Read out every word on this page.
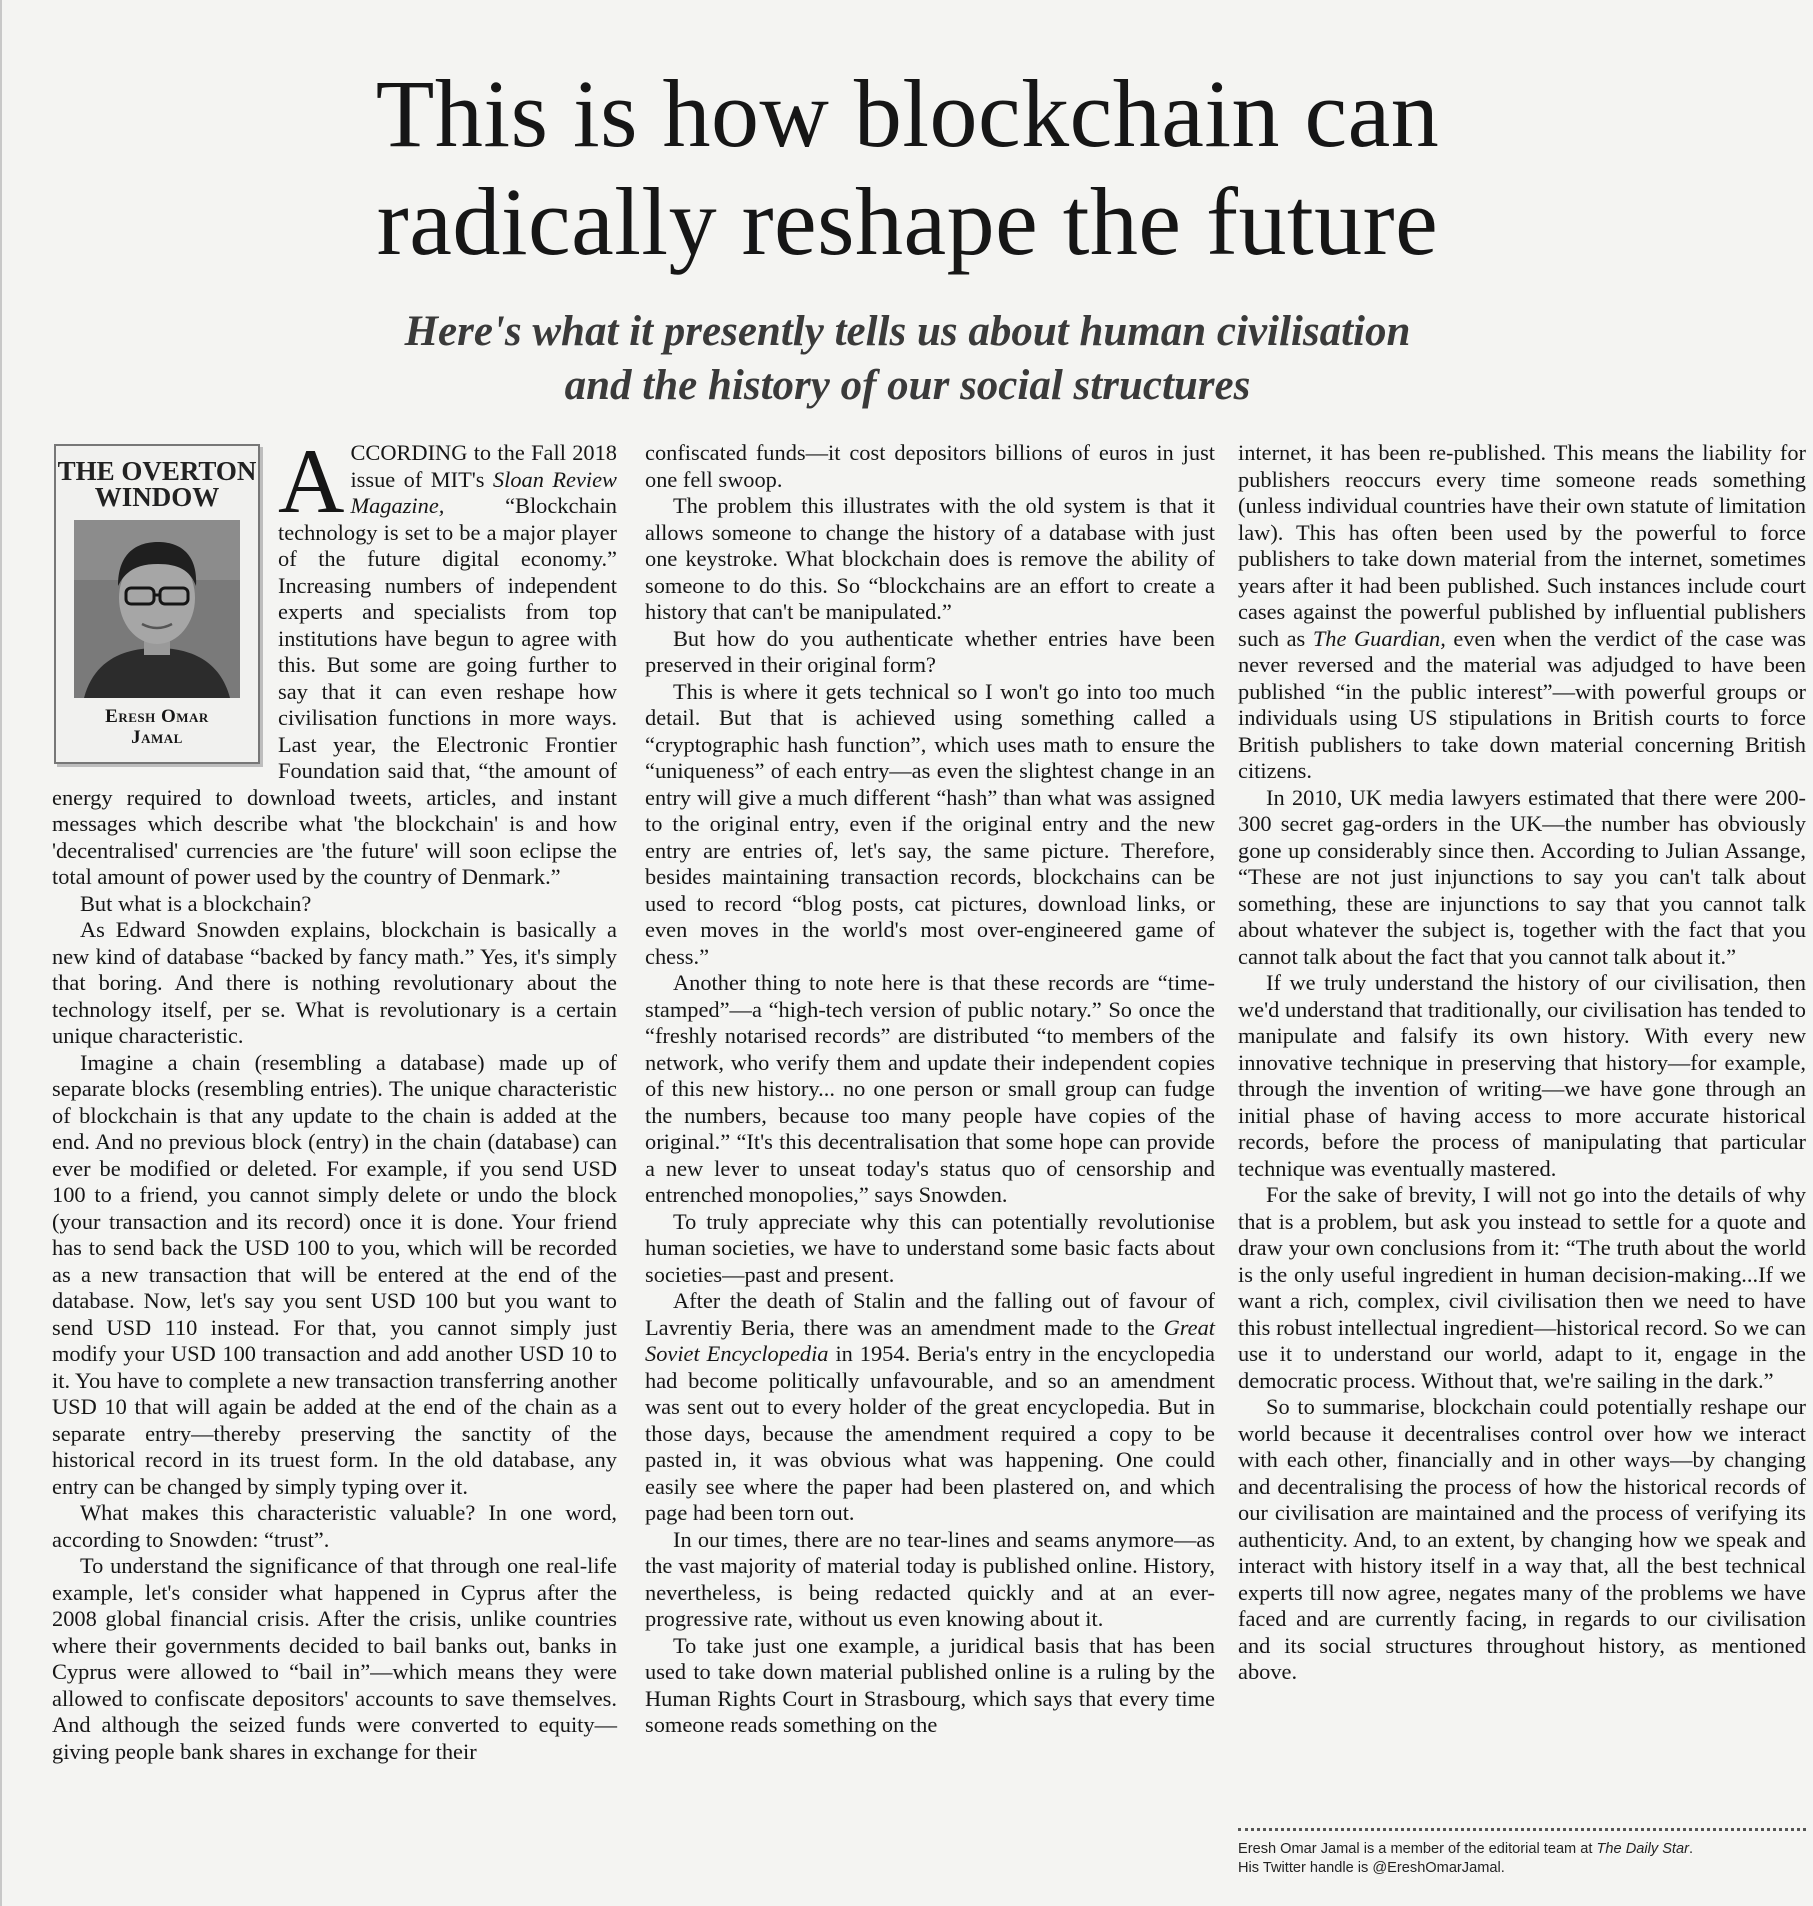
This is how blockchain can
radically reshape the future
Here's what it presently tells us about human civilisation
and the history of our social structures
THE OVERTON
WINDOW
Eresh Omar
Jamal

ACCORDING to the Fall 2018 issue of MIT's Sloan Review Magazine, “Blockchain technology is set to be a major player of the future digital economy.” Increasing numbers of independent experts and specialists from top institutions have begun to agree with this. But some are going further to say that it can even reshape how civilisation functions in more ways. Last year, the Electronic Frontier Foundation said that, “the amount of energy required to download tweets, articles, and instant messages which describe what 'the blockchain' is and how 'decentralised' currencies are 'the future' will soon eclipse the total amount of power used by the country of Denmark.”

But what is a blockchain?

As Edward Snowden explains, blockchain is basically a new kind of database “backed by fancy math.” Yes, it's simply that boring. And there is nothing revolutionary about the technology itself, per se. What is revolutionary is a certain unique characteristic.

Imagine a chain (resembling a database) made up of separate blocks (resembling entries). The unique characteristic of blockchain is that any update to the chain is added at the end. And no previous block (entry) in the chain (database) can ever be modified or deleted. For example, if you send USD 100 to a friend, you cannot simply delete or undo the block (your transaction and its record) once it is done. Your friend has to send back the USD 100 to you, which will be recorded as a new transaction that will be entered at the end of the database. Now, let's say you sent USD 100 but you want to send USD 110 instead. For that, you cannot simply just modify your USD 100 transaction and add another USD 10 to it. You have to complete a new transaction transferring another USD 10 that will again be added at the end of the chain as a separate entry—thereby preserving the sanctity of the historical record in its truest form. In the old database, any entry can be changed by simply typing over it.

What makes this characteristic valuable? In one word, according to Snowden: “trust”.

To understand the significance of that through one real-life example, let's consider what happened in Cyprus after the 2008 global financial crisis. After the crisis, unlike countries where their governments decided to bail banks out, banks in Cyprus were allowed to “bail in”—which means they were allowed to confiscate depositors' accounts to save themselves. And although the seized funds were converted to equity—giving people bank shares in exchange for their

confiscated funds—it cost depositors billions of euros in just one fell swoop.

The problem this illustrates with the old system is that it allows someone to change the history of a database with just one keystroke. What blockchain does is remove the ability of someone to do this. So “blockchains are an effort to create a history that can't be manipulated.”

But how do you authenticate whether entries have been preserved in their original form?

This is where it gets technical so I won't go into too much detail. But that is achieved using something called a “cryptographic hash function”, which uses math to ensure the “uniqueness” of each entry—as even the slightest change in an entry will give a much different “hash” than what was assigned to the original entry, even if the original entry and the new entry are entries of, let's say, the same picture. Therefore, besides maintaining transaction records, blockchains can be used to record “blog posts, cat pictures, download links, or even moves in the world's most over-engineered game of chess.”

Another thing to note here is that these records are “time-stamped”—a “high-tech version of public notary.” So once the “freshly notarised records” are distributed “to members of the network, who verify them and update their independent copies of this new history... no one person or small group can fudge the numbers, because too many people have copies of the original.” “It's this decentralisation that some hope can provide a new lever to unseat today's status quo of censorship and entrenched monopolies,” says Snowden.

To truly appreciate why this can potentially revolutionise human societies, we have to understand some basic facts about societies—past and present.

After the death of Stalin and the falling out of favour of Lavrentiy Beria, there was an amendment made to the Great Soviet Encyclopedia in 1954. Beria's entry in the encyclopedia had become politically unfavourable, and so an amendment was sent out to every holder of the great encyclopedia. But in those days, because the amendment required a copy to be pasted in, it was obvious what was happening. One could easily see where the paper had been plastered on, and which page had been torn out.

In our times, there are no tear-lines and seams anymore—as the vast majority of material today is published online. History, nevertheless, is being redacted quickly and at an ever-progressive rate, without us even knowing about it.

To take just one example, a juridical basis that has been used to take down material published online is a ruling by the Human Rights Court in Strasbourg, which says that every time someone reads something on the

internet, it has been re-published. This means the liability for publishers reoccurs every time someone reads something (unless individual countries have their own statute of limitation law). This has often been used by the powerful to force publishers to take down material from the internet, sometimes years after it had been published. Such instances include court cases against the powerful published by influential publishers such as The Guardian, even when the verdict of the case was never reversed and the material was adjudged to have been published “in the public interest”—with powerful groups or individuals using US stipulations in British courts to force British publishers to take down material concerning British citizens.

In 2010, UK media lawyers estimated that there were 200-300 secret gag-orders in the UK—the number has obviously gone up considerably since then. According to Julian Assange, “These are not just injunctions to say you can't talk about something, these are injunctions to say that you cannot talk about whatever the subject is, together with the fact that you cannot talk about the fact that you cannot talk about it.”

If we truly understand the history of our civilisation, then we'd understand that traditionally, our civilisation has tended to manipulate and falsify its own history. With every new innovative technique in preserving that history—for example, through the invention of writing—we have gone through an initial phase of having access to more accurate historical records, before the process of manipulating that particular technique was eventually mastered.

For the sake of brevity, I will not go into the details of why that is a problem, but ask you instead to settle for a quote and draw your own conclusions from it: “The truth about the world is the only useful ingredient in human decision-making...If we want a rich, complex, civil civilisation then we need to have this robust intellectual ingredient—historical record. So we can use it to understand our world, adapt to it, engage in the democratic process. Without that, we're sailing in the dark.”

So to summarise, blockchain could potentially reshape our world because it decentralises control over how we interact with each other, financially and in other ways—by changing and decentralising the process of how the historical records of our civilisation are maintained and the process of verifying its authenticity. And, to an extent, by changing how we speak and interact with history itself in a way that, all the best technical experts till now agree, negates many of the problems we have faced and are currently facing, in regards to our civilisation and its social structures throughout history, as mentioned above.

Eresh Omar Jamal is a member of the editorial team at The Daily Star.
His Twitter handle is @EreshOmarJamal.
